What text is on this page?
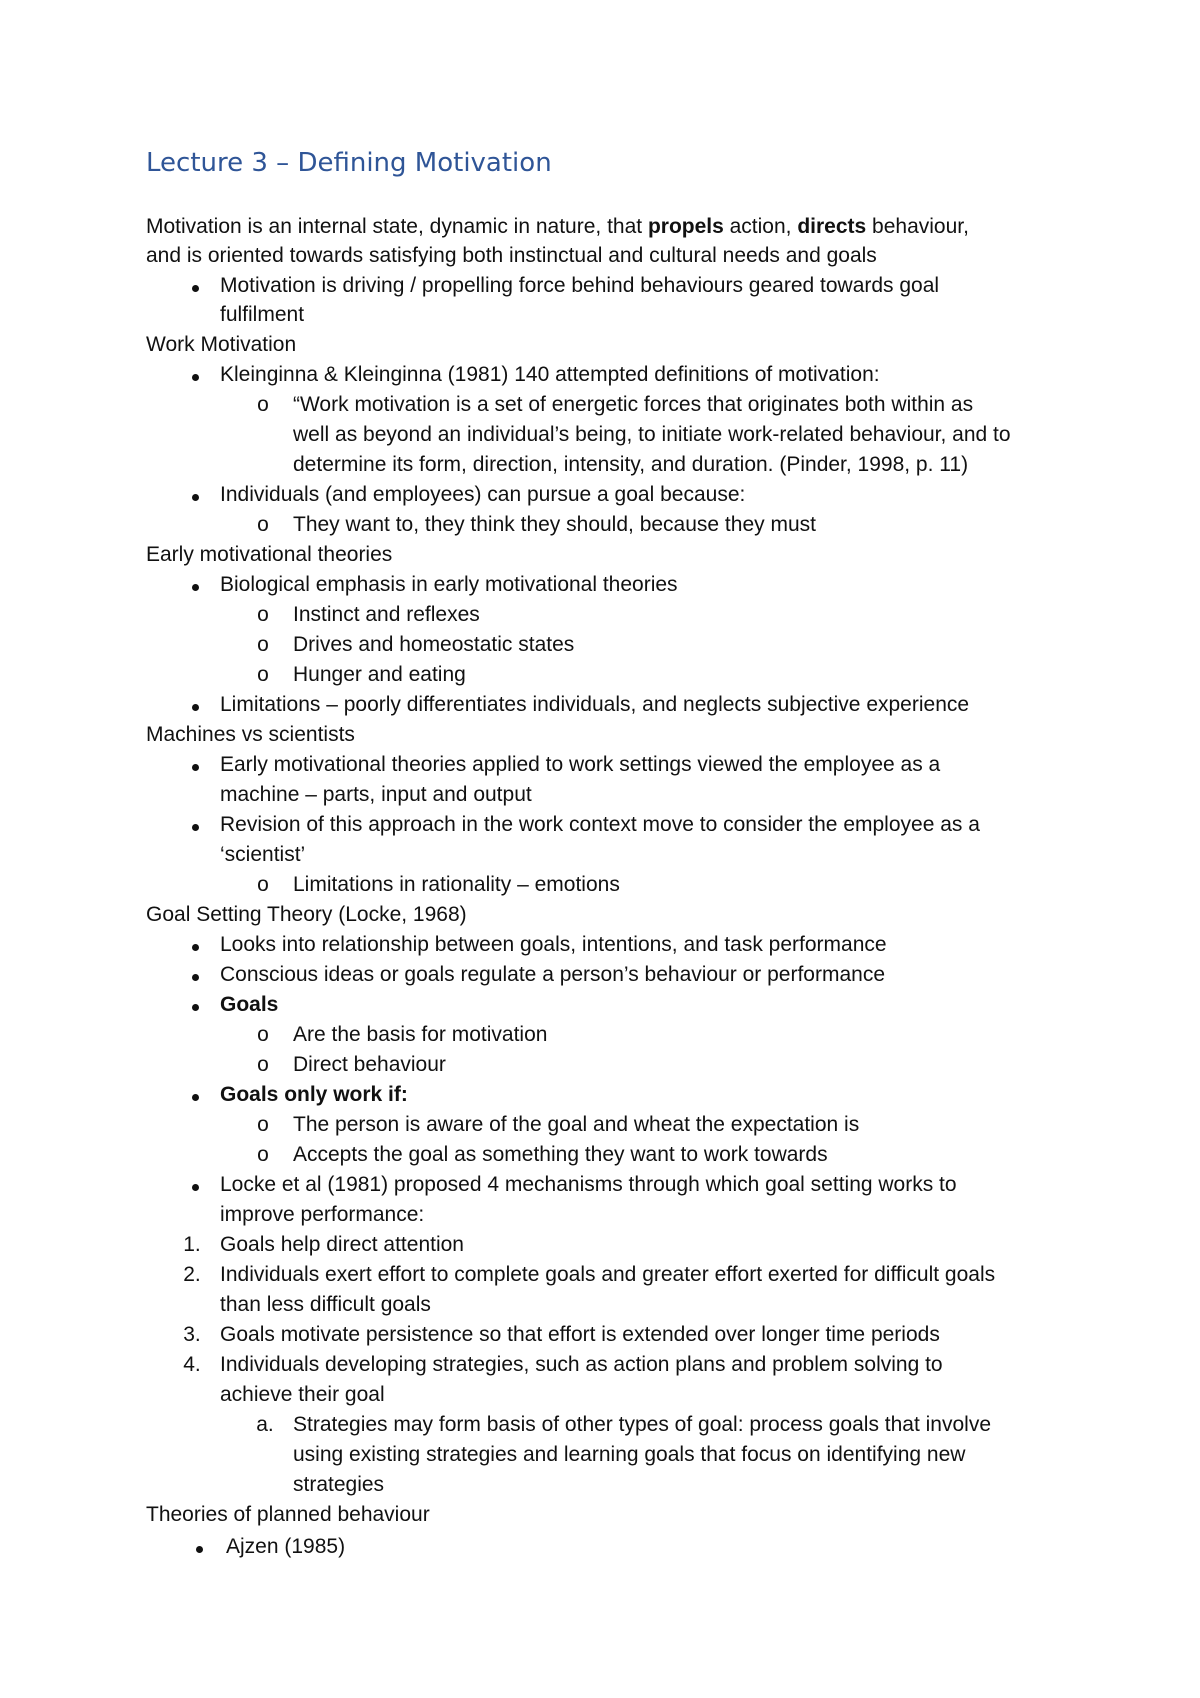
Lecture 3 – Defining Motivation
Motivation is an internal state, dynamic in nature, that propels action, directs behaviour,
and is oriented towards satisfying both instinctual and cultural needs and goals
Motivation is driving / propelling force behind behaviours geared towards goal
fulfilment
Work Motivation
Kleinginna & Kleinginna (1981) 140 attempted definitions of motivation:
o “Work motivation is a set of energetic forces that originates both within as
well as beyond an individual’s being, to initiate work-related behaviour, and to
determine its form, direction, intensity, and duration. (Pinder, 1998, p. 11)
Individuals (and employees) can pursue a goal because:
o They want to, they think they should, because they must
Early motivational theories
Biological emphasis in early motivational theories
o Instinct and reflexes
o Drives and homeostatic states
o Hunger and eating
Limitations – poorly differentiates individuals, and neglects subjective experience
Machines vs scientists
Early motivational theories applied to work settings viewed the employee as a
machine – parts, input and output
Revision of this approach in the work context move to consider the employee as a
‘scientist’
o Limitations in rationality – emotions
Goal Setting Theory (Locke, 1968)
Looks into relationship between goals, intentions, and task performance
Conscious ideas or goals regulate a person’s behaviour or performance
Goals
o Are the basis for motivation
o Direct behaviour
Goals only work if:
o The person is aware of the goal and wheat the expectation is
o Accepts the goal as something they want to work towards
Locke et al (1981) proposed 4 mechanisms through which goal setting works to
improve performance:
1. Goals help direct attention
2. Individuals exert effort to complete goals and greater effort exerted for difficult goals
than less difficult goals
3. Goals motivate persistence so that effort is extended over longer time periods
4. Individuals developing strategies, such as action plans and problem solving to
achieve their goal
a. Strategies may form basis of other types of goal: process goals that involve
using existing strategies and learning goals that focus on identifying new
strategies
Theories of planned behaviour
Ajzen (1985)
